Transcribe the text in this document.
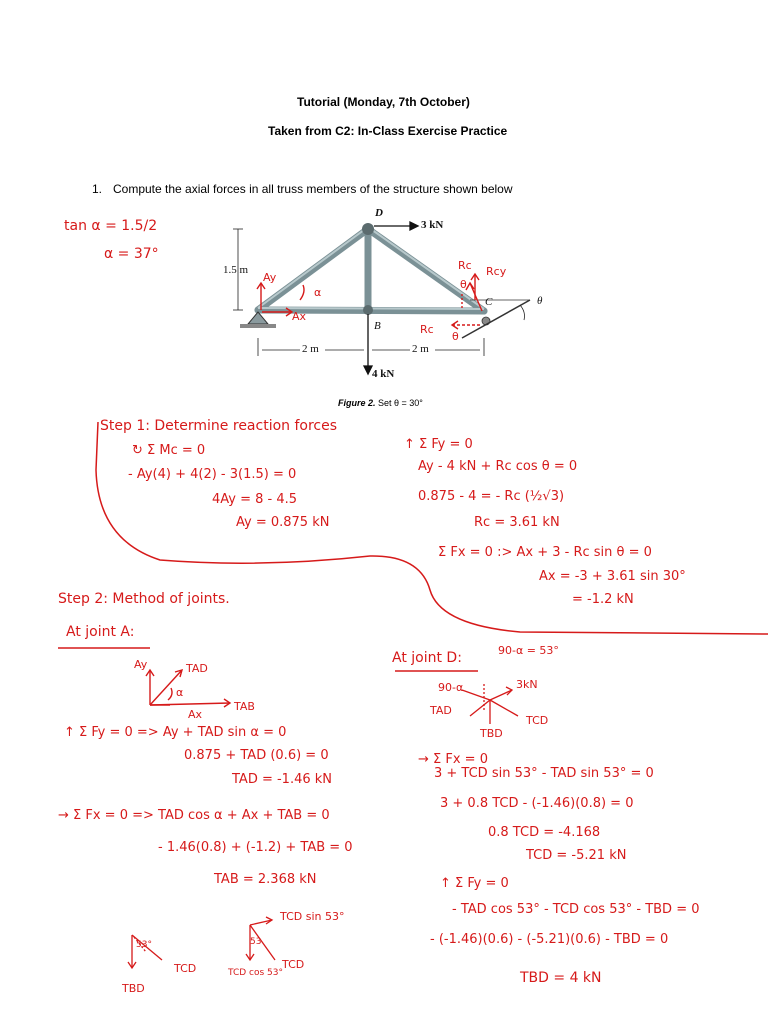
Tutorial (Monday, 7th October)
Taken from C2: In-Class Exercise Practice
1. Compute the axial forces in all truss members of the structure shown below
D
3 kN
1.5 m
B
C	θ
2 m	2 m
4 kN
Figure 2. Set θ = 30°
Ay
Ax
α
Rc Rcy
θ
Rc
θ
tan α = 1.5/2
α = 37°
Step 1: Determine reaction forces
↻ Σ Mc = 0
- Ay(4) + 4(2) - 3(1.5) = 0
4Ay = 8 - 4.5
Ay = 0.875 kN
↑ Σ Fy = 0
Ay - 4 kN + Rc cos θ = 0
0.875 - 4 = - Rc (½√3)
Rc = 3.61 kN
Σ Fx = 0 :> Ax + 3 - Rc sin θ = 0
Ax = -3 + 3.61 sin 30°
= -1.2 kN
Step 2: Method of joints.
At joint A:
Ay	TAD
α
TAB
Ax
↑ Σ Fy = 0 => Ay + TAD sin α = 0
0.875 + TAD (0.6) = 0
TAD = -1.46 kN
→ Σ Fx = 0 => TAD cos α + Ax + TAB = 0
- 1.46(0.8) + (-1.2) + TAB = 0
TAB = 2.368 kN
At joint D:	90-α = 53°
90-α	3kN
TAD
TCD
TBD
→ Σ Fx = 0
3 + TCD sin 53° - TAD sin 53° = 0
3 + 0.8 TCD - (-1.46)(0.8) = 0
0.8 TCD = -4.168
TCD = -5.21 kN
↑ Σ Fy = 0
- TAD cos 53° - TCD cos 53° - TBD = 0
- (-1.46)(0.6) - (-5.21)(0.6) - TBD = 0
TBD = 4 kN
53°
TCD
TBD
53
TCD sin 53°
TCD cos 53°
TCD
